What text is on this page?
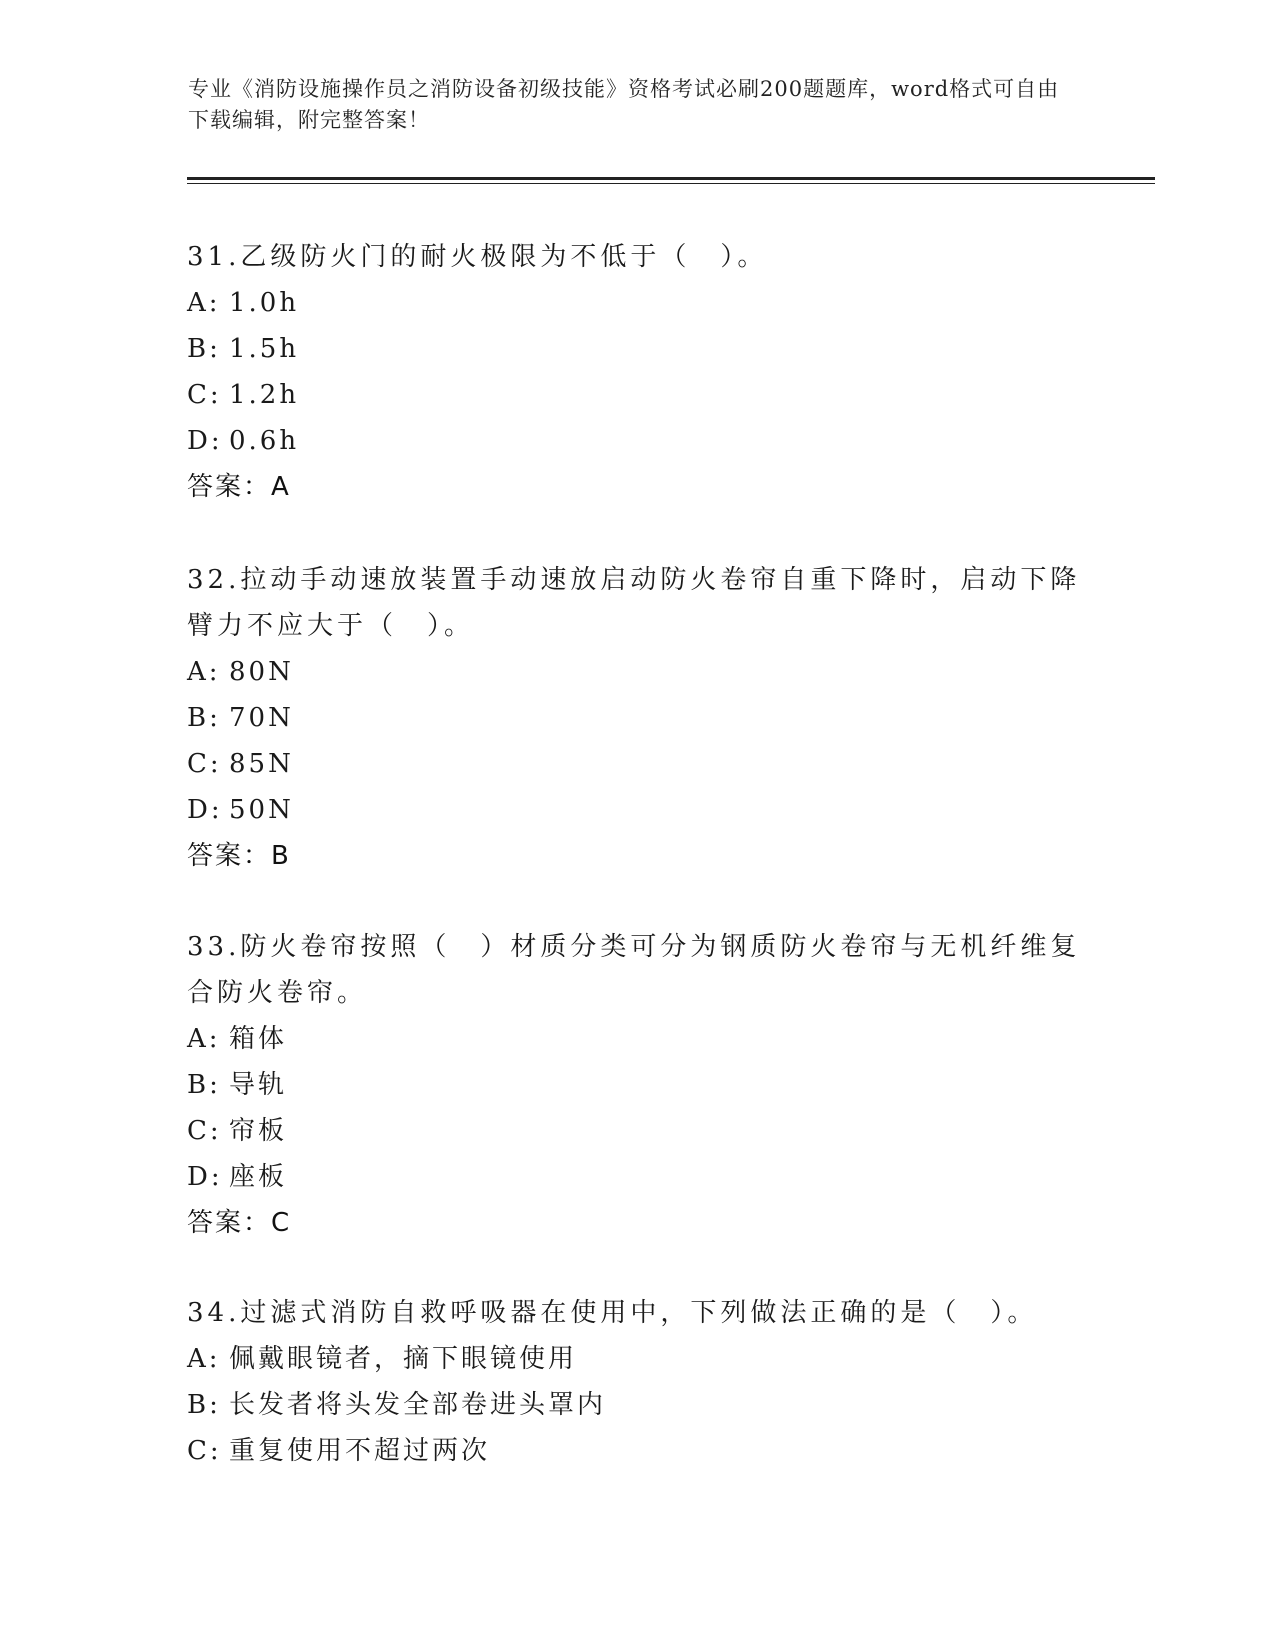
专业《消防设施操作员之消防设备初级技能》资格考试必刷200题题库，word格式可自由下载编辑，附完整答案！

31.乙级防火门的耐火极限为不低于（　）。

A: 1.0h

B: 1.5h

C: 1.2h

D: 0.6h

答案：A

32.拉动手动速放装置手动速放启动防火卷帘自重下降时，启动下降臂力不应大于（　）。

A: 80N

B: 70N

C: 85N

D: 50N

答案：B

33.防火卷帘按照（　）材质分类可分为钢质防火卷帘与无机纤维复合防火卷帘。

A: 箱体

B: 导轨

C: 帘板

D: 座板

答案：C

34.过滤式消防自救呼吸器在使用中，下列做法正确的是（　）。

A: 佩戴眼镜者，摘下眼镜使用

B: 长发者将头发全部卷进头罩内

C: 重复使用不超过两次
